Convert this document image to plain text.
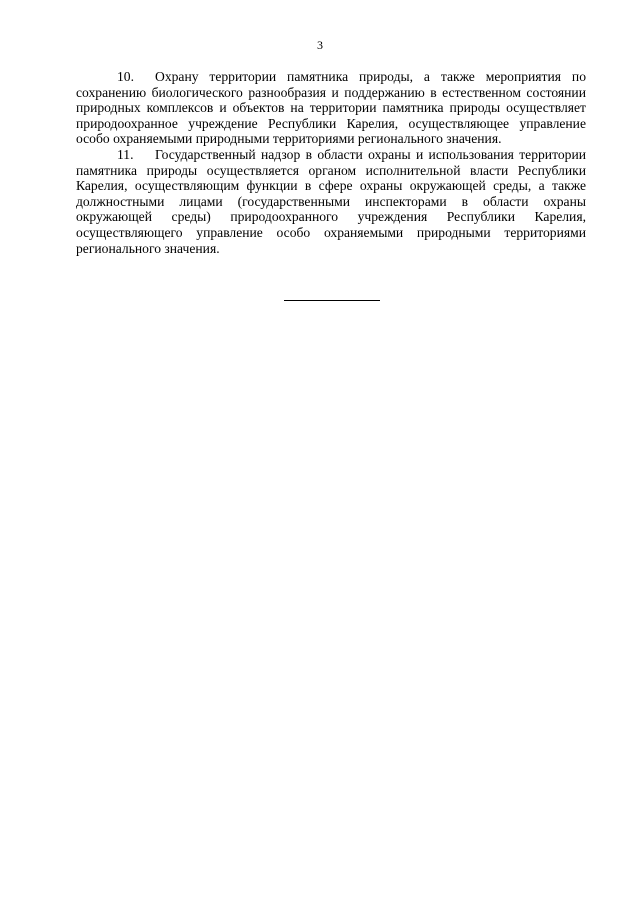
3

10. Охрану территории памятника природы, а также мероприятия по сохранению биологического разнообразия и поддержанию в естественном состоянии природных комплексов и объектов на территории памятника природы осуществляет природоохранное учреждение Республики Карелия, осуществляющее управление особо охраняемыми природными территориями регионального значения.

11. Государственный надзор в области охраны и использования территории памятника природы осуществляется органом исполнительной власти Республики Карелия, осуществляющим функции в сфере охраны окружающей среды, а также должностными лицами (государственными инспекторами в области охраны окружающей среды) природоохранного учреждения Республики Карелия, осуществляющего управление особо охраняемыми природными территориями регионального значения.
